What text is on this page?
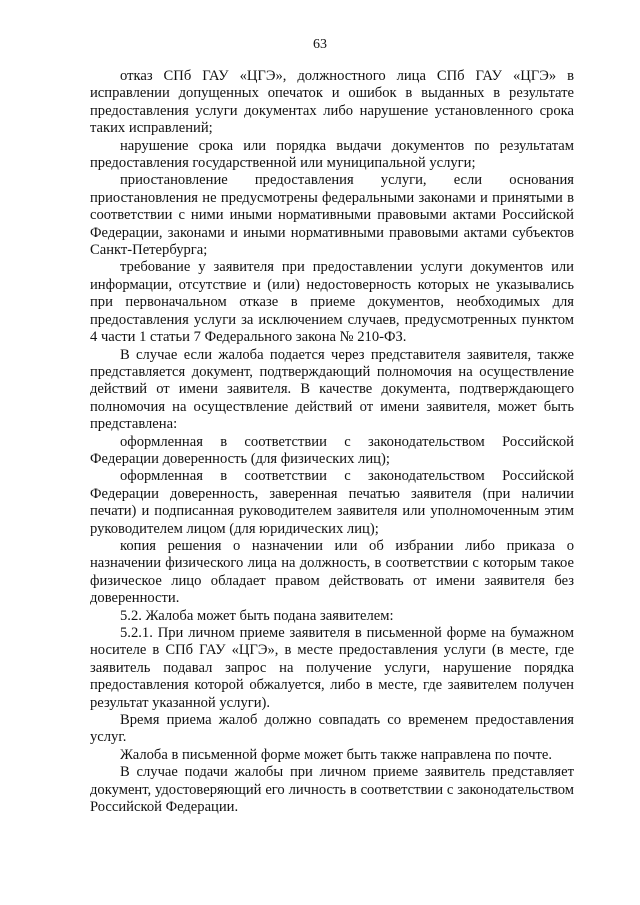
63

отказ СПб ГАУ «ЦГЭ», должностного лица СПб ГАУ «ЦГЭ» в исправлении допущенных опечаток и ошибок в выданных в результате предоставления услуги документах либо нарушение установленного срока таких исправлений;

нарушение срока или порядка выдачи документов по результатам предоставления государственной или муниципальной услуги;

приостановление предоставления услуги, если основания приостановления не предусмотрены федеральными законами и принятыми в соответствии с ними иными нормативными правовыми актами Российской Федерации, законами и иными нормативными правовыми актами субъектов Санкт-Петербурга;

требование у заявителя при предоставлении услуги документов или информации, отсутствие и (или) недостоверность которых не указывались при первоначальном отказе в приеме документов, необходимых для предоставления услуги за исключением случаев, предусмотренных пунктом 4 части 1 статьи 7 Федерального закона № 210-ФЗ.

В случае если жалоба подается через представителя заявителя, также представляется документ, подтверждающий полномочия на осуществление действий от имени заявителя. В качестве документа, подтверждающего полномочия на осуществление действий от имени заявителя, может быть представлена:

оформленная в соответствии с законодательством Российской Федерации доверенность (для физических лиц);

оформленная в соответствии с законодательством Российской Федерации доверенность, заверенная печатью заявителя (при наличии печати) и подписанная руководителем заявителя или уполномоченным этим руководителем лицом (для юридических лиц);

копия решения о назначении или об избрании либо приказа о назначении физического лица на должность, в соответствии с которым такое физическое лицо обладает правом действовать от имени заявителя без доверенности.

5.2. Жалоба может быть подана заявителем:

5.2.1. При личном приеме заявителя в письменной форме на бумажном носителе в СПб ГАУ «ЦГЭ», в месте предоставления услуги (в месте, где заявитель подавал запрос на получение услуги, нарушение порядка предоставления которой обжалуется, либо в месте, где заявителем получен результат указанной услуги).

Время приема жалоб должно совпадать со временем предоставления услуг.

Жалоба в письменной форме может быть также направлена по почте.

В случае подачи жалобы при личном приеме заявитель представляет документ, удостоверяющий его личность в соответствии с законодательством Российской Федерации.
